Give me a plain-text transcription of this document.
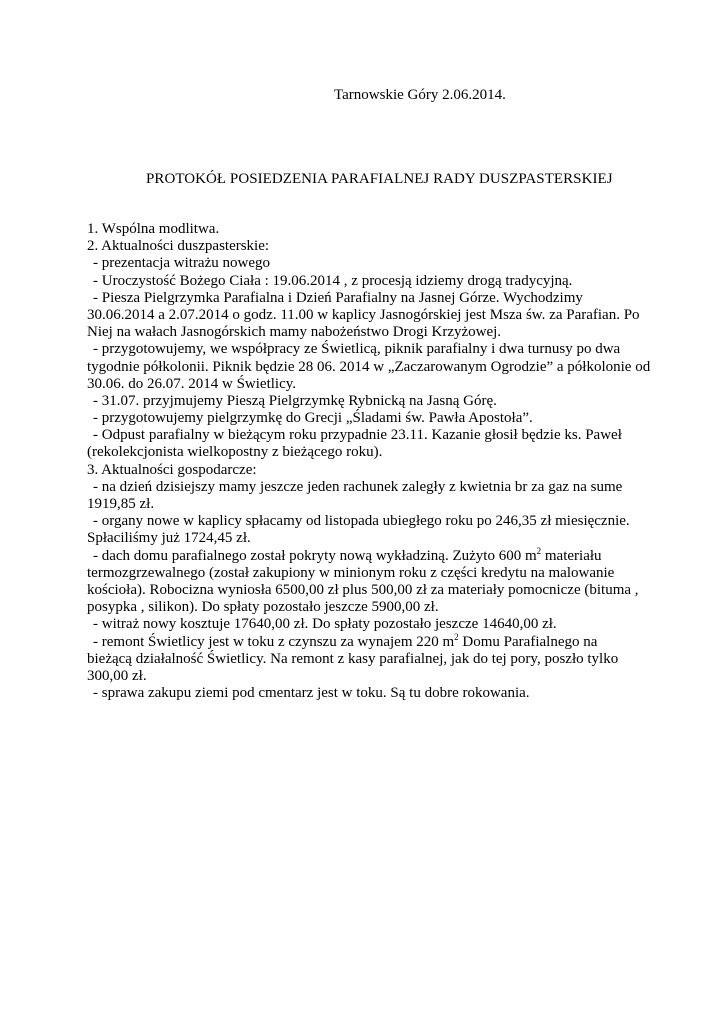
Tarnowskie Góry 2.06.2014.
PROTOKÓŁ POSIEDZENIA PARAFIALNEJ RADY DUSZPASTERSKIEJ
1. Wspólna modlitwa.
2. Aktualności duszpasterskie:
- prezentacja witrażu nowego
- Uroczystość Bożego Ciała : 19.06.2014 , z procesją idziemy drogą tradycyjną.
- Piesza Pielgrzymka Parafialna i Dzień Parafialny na Jasnej Górze. Wychodzimy
30.06.2014 a 2.07.2014 o godz. 11.00 w kaplicy Jasnogórskiej jest Msza św. za Parafian. Po
Niej na wałach Jasnogórskich mamy nabożeństwo Drogi Krzyżowej.
- przygotowujemy, we współpracy ze Świetlicą, piknik parafialny i dwa turnusy po dwa
tygodnie półkolonii. Piknik będzie 28 06. 2014 w „Zaczarowanym Ogrodzie” a półkolonie od
30.06. do 26.07. 2014 w Świetlicy.
- 31.07. przyjmujemy Pieszą Pielgrzymkę Rybnicką na Jasną Górę.
- przygotowujemy pielgrzymkę do Grecji „Śladami św. Pawła Apostoła”.
- Odpust parafialny w bieżącym roku przypadnie 23.11. Kazanie głosił będzie ks. Paweł
(rekolekcjonista wielkopostny z bieżącego roku).
3. Aktualności gospodarcze:
- na dzień dzisiejszy mamy jeszcze jeden rachunek zaległy z kwietnia br za gaz na sume
1919,85 zł.
- organy nowe w kaplicy spłacamy od listopada ubiegłego roku po 246,35 zł miesięcznie.
Spłaciliśmy już 1724,45 zł.
- dach domu parafialnego został pokryty nową wykładziną. Zużyto 600 $m^2$ materiału
termozgrzewalnego (został zakupiony w minionym roku z części kredytu na malowanie
kościoła). Robocizna wyniosła 6500,00 zł plus 500,00 zł za materiały pomocnicze (bituma ,
posypka , silikon). Do spłaty pozostało jeszcze 5900,00 zł.
- witraż nowy kosztuje 17640,00 zł. Do spłaty pozostało jeszcze 14640,00 zł.
- remont Świetlicy jest w toku z czynszu za wynajem 220 $m^2$ Domu Parafialnego na
bieżącą działalność Świetlicy. Na remont z kasy parafialnej, jak do tej pory, poszło tylko
300,00 zł.
- sprawa zakupu ziemi pod cmentarz jest w toku. Są tu dobre rokowania.
